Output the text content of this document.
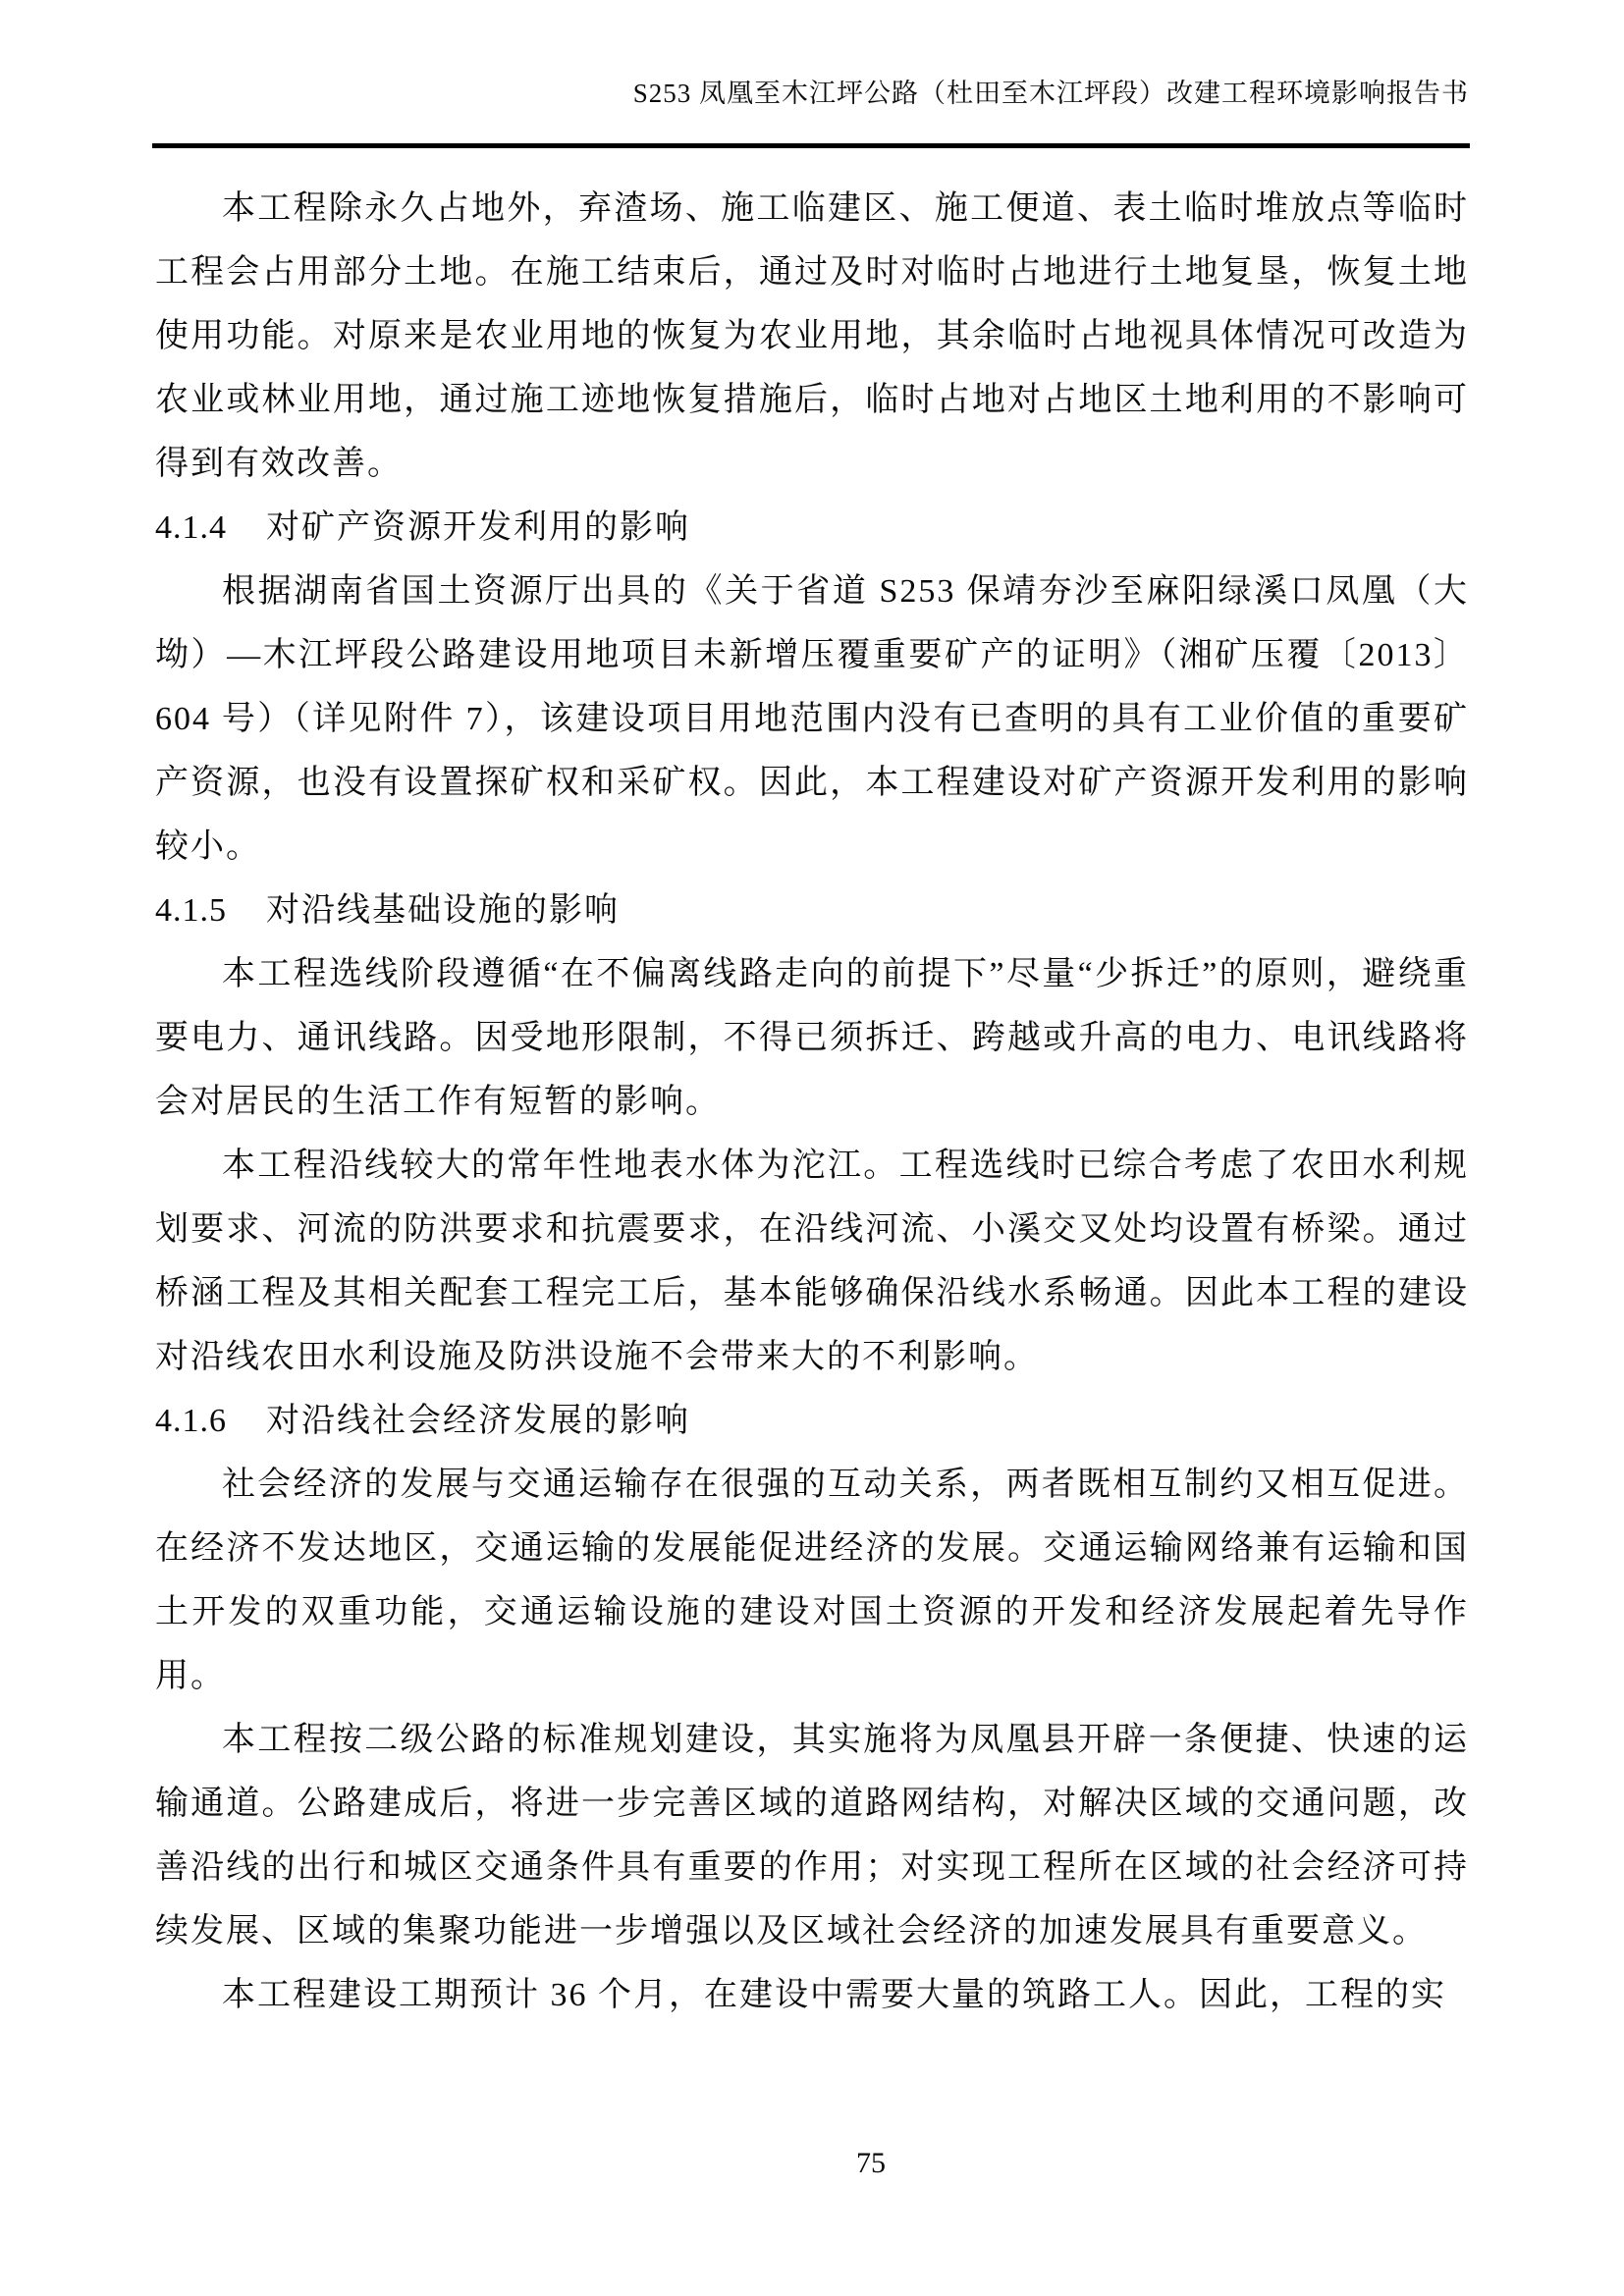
S253 凤凰至木江坪公路（杜田至木江坪段）改建工程环境影响报告书

本工程除永久占地外，弃渣场、施工临建区、施工便道、表土临时堆放点等临时工程会占用部分土地。在施工结束后，通过及时对临时占地进行土地复垦，恢复土地使用功能。对原来是农业用地的恢复为农业用地，其余临时占地视具体情况可改造为农业或林业用地，通过施工迹地恢复措施后，临时占地对占地区土地利用的不影响可得到有效改善。

4.1.4 对矿产资源开发利用的影响

根据湖南省国土资源厅出具的《关于省道 S253 保靖夯沙至麻阳绿溪口凤凰（大坳）—木江坪段公路建设用地项目未新增压覆重要矿产的证明》（湘矿压覆〔2013〕604 号）（详见附件 7），该建设项目用地范围内没有已查明的具有工业价值的重要矿产资源，也没有设置探矿权和采矿权。因此，本工程建设对矿产资源开发利用的影响较小。

4.1.5 对沿线基础设施的影响

本工程选线阶段遵循“在不偏离线路走向的前提下”尽量“少拆迁”的原则，避绕重要电力、通讯线路。因受地形限制，不得已须拆迁、跨越或升高的电力、电讯线路将会对居民的生活工作有短暂的影响。

本工程沿线较大的常年性地表水体为沱江。工程选线时已综合考虑了农田水利规划要求、河流的防洪要求和抗震要求，在沿线河流、小溪交叉处均设置有桥梁。通过桥涵工程及其相关配套工程完工后，基本能够确保沿线水系畅通。因此本工程的建设对沿线农田水利设施及防洪设施不会带来大的不利影响。

4.1.6 对沿线社会经济发展的影响

社会经济的发展与交通运输存在很强的互动关系，两者既相互制约又相互促进。在经济不发达地区，交通运输的发展能促进经济的发展。交通运输网络兼有运输和国土开发的双重功能，交通运输设施的建设对国土资源的开发和经济发展起着先导作用。

本工程按二级公路的标准规划建设，其实施将为凤凰县开辟一条便捷、快速的运输通道。公路建成后，将进一步完善区域的道路网结构，对解决区域的交通问题，改善沿线的出行和城区交通条件具有重要的作用；对实现工程所在区域的社会经济可持续发展、区域的集聚功能进一步增强以及区域社会经济的加速发展具有重要意义。

本工程建设工期预计 36 个月，在建设中需要大量的筑路工人。因此，工程的实

75
